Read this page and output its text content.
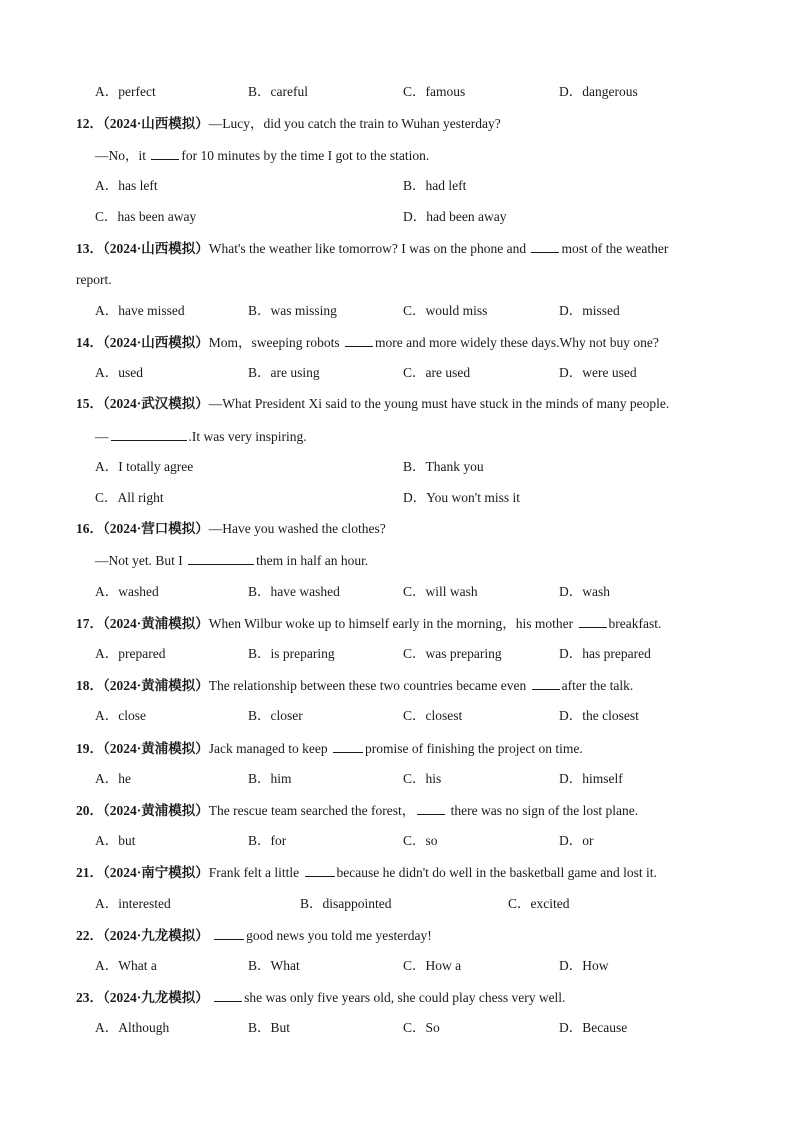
A．perfect	B．careful	C．famous	D．dangerous
12．（2024·山西模拟）—Lucy，did you catch the train to Wuhan yesterday?
—No，it	for 10 minutes by the time I got to the station.
A．has left	B．had left
C．has been away	D．had been away
13．（2024·山西模拟）What's the weather like tomorrow? I was on the phone and	most of the weather
report.
A．have missed	B．was missing	C．would miss	D．missed
14．（2024·山西模拟）Mom，sweeping robots	more and more widely these days.Why not buy one?
A．used	B．are using	C．are used	D．were used
15．（2024·武汉模拟）—What President Xi said to the young must have stuck in the minds of many people.
—	.It was very inspiring.
A．I totally agree	B．Thank you
C．All right	D．You won't miss it
16．（2024·营口模拟）—Have you washed the clothes?
—Not yet. But I	them in half an hour.
A．washed	B．have washed	C．will wash	D．wash
17．（2024·黄浦模拟）When Wilbur woke up to himself early in the morning，his mother	breakfast.
A．prepared	B．is preparing	C．was preparing	D．has prepared
18．（2024·黄浦模拟）The relationship between these two countries became even	after the talk.
A．close	B．closer	C．closest	D．the closest
19．（2024·黄浦模拟）Jack managed to keep	promise of finishing the project on time.
A．he	B．him	C．his	D．himself
20．（2024·黄浦模拟）The rescue team searched the forest，	there was no sign of the lost plane.
A．but	B．for	C．so	D．or
21．（2024·南宁模拟）Frank felt a little	because he didn't do well in the basketball game and lost it.
A．interested	B．disappointed	C．excited
22．（2024·九龙模拟）	good news you told me yesterday!
A．What a	B．What	C．How a	D．How
23．（2024·九龙模拟）	she was only five years old, she could play chess very well.
A．Although	B．But	C．So	D．Because
